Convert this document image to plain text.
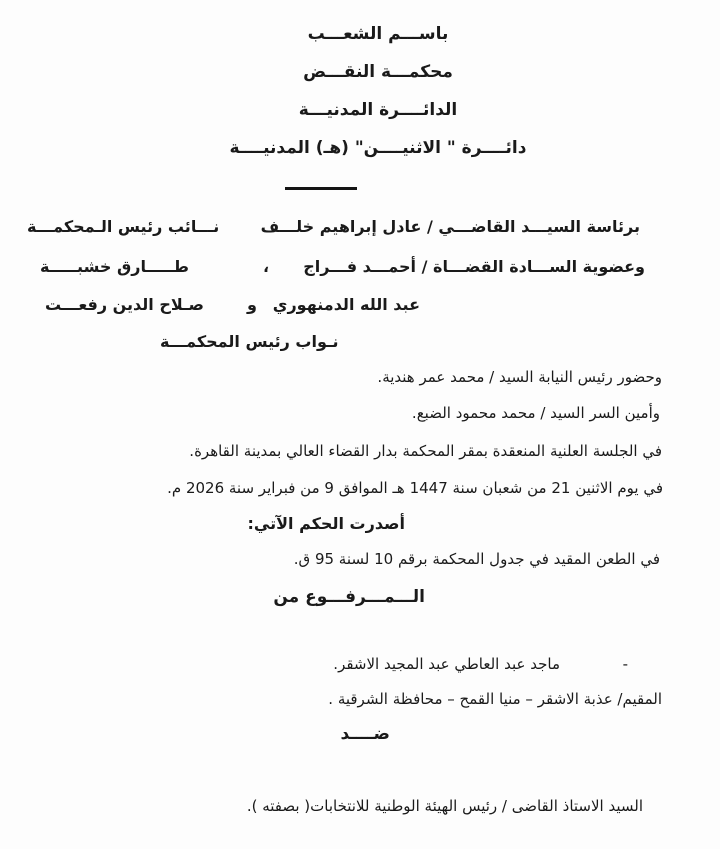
باســـم الشعـــب
محكمـــة النقـــض
الدائــــرة المدنيـــة
دائــــرة " الاثنيــــن" (هـ) المدنيــــة
برئاسة السيـــد القاضـــي / عادل إبراهيم خلـــف
نـــائب رئيس الـمحكمـــة
وعضوية الســـادة القضـــاة / أحمـــد فـــراج
،
طـــــارق خشبـــــة
عبد الله الدمنهوري
و
صـلاح الدين رفعـــت
نـواب رئيس المحكمـــة
وحضور رئيس النيابة السيد / محمد عمر هندية.
وأمين السر السيد / محمد محمود الضبع.
في الجلسة العلنية المنعقدة بمقر المحكمة بدار القضاء العالي بمدينة القاهرة.
في يوم الاثنين 21 من شعبان سنة 1447 هـ الموافق 9 من فبراير سنة 2026 م.
أصدرت الحكم الآتي:
في الطعن المقيد في جدول المحكمة برقم 10 لسنة 95 ق.
الـــمـــرفـــوع من
-
ماجد عبد العاطي عبد المجيد الاشقر.
المقيم/ عذبة الاشقر – منيا القمح – محافظة الشرقية .
ضــــد
السيد الاستاذ القاضى / رئيس الهيئة الوطنية للانتخابات( بصفته ).
